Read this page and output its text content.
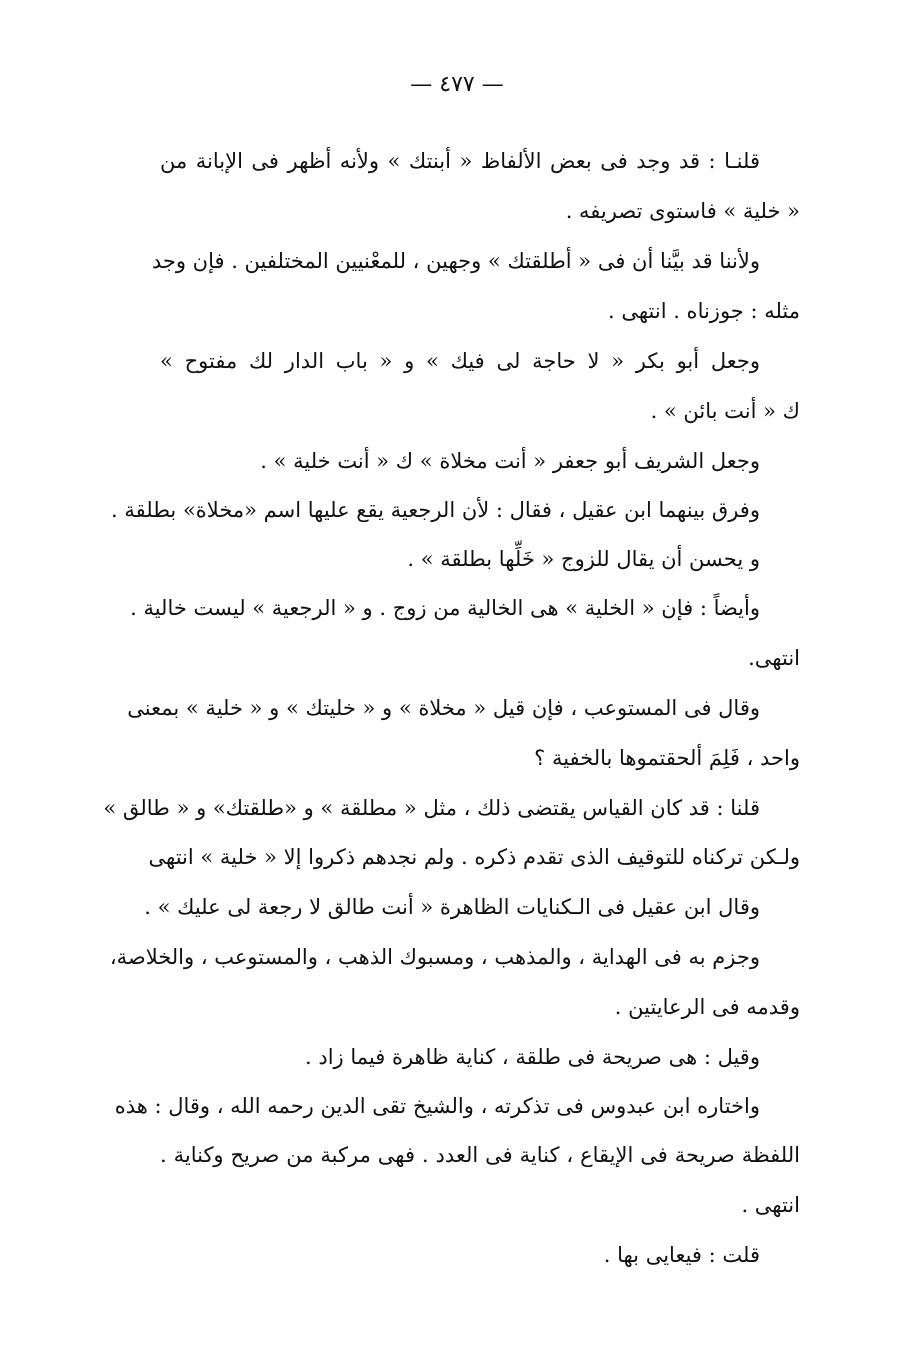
— ٤٧٧ —
قلنـا : قد وجد فى بعض الألفاظ « أبنتك » ولأنه أظهر فى الإبانة من
« خلية » فاستوى تصريفه .
ولأننا قد بيَّنا أن فى « أطلقتك » وجهين ، للمعْنيين المختلفين . فإن وجد
مثله : جوزناه . انتهى .
وجعل أبو بكر « لا حاجة لى فيك » و « باب الدار لك مفتوح »
ك « أنت بائن » .
وجعل الشريف أبو جعفر « أنت مخلاة » ك « أنت خلية » .
وفرق بينهما ابن عقيل ، فقال : لأن الرجعية يقع عليها اسم «مخلاة» بطلقة .
و يحسن أن يقال للزوج « خَلِّها بطلقة » .
وأيضاً : فإن « الخلية » هى الخالية من زوج . و « الرجعية » ليست خالية .
انتهى.
وقال فى المستوعب ، فإن قيل « مخلاة » و « خليتك » و « خلية » بمعنى
واحد ، فَلِمَ ألحقتموها بالخفية ؟
قلنا : قد كان القياس يقتضى ذلك ، مثل « مطلقة » و «طلقتك» و « طالق »
ولـكن تركناه للتوقيف الذى تقدم ذكره . ولم نجدهم ذكروا إلا « خلية » انتهى
وقال ابن عقيل فى الـكنايات الظاهرة « أنت طالق لا رجعة لى عليك » .
وجزم به فى الهداية ، والمذهب ، ومسبوك الذهب ، والمستوعب ، والخلاصة،
وقدمه فى الرعايتين .
وقيل : هى صريحة فى طلقة ، كناية ظاهرة فيما زاد .
واختاره ابن عبدوس فى تذكرته ، والشيخ تقى الدين رحمه الله ، وقال : هذه
اللفظة صريحة فى الإيقاع ، كناية فى العدد . فهى مركبة من صريح وكناية .
انتهى .
قلت : فيعايى بها .
